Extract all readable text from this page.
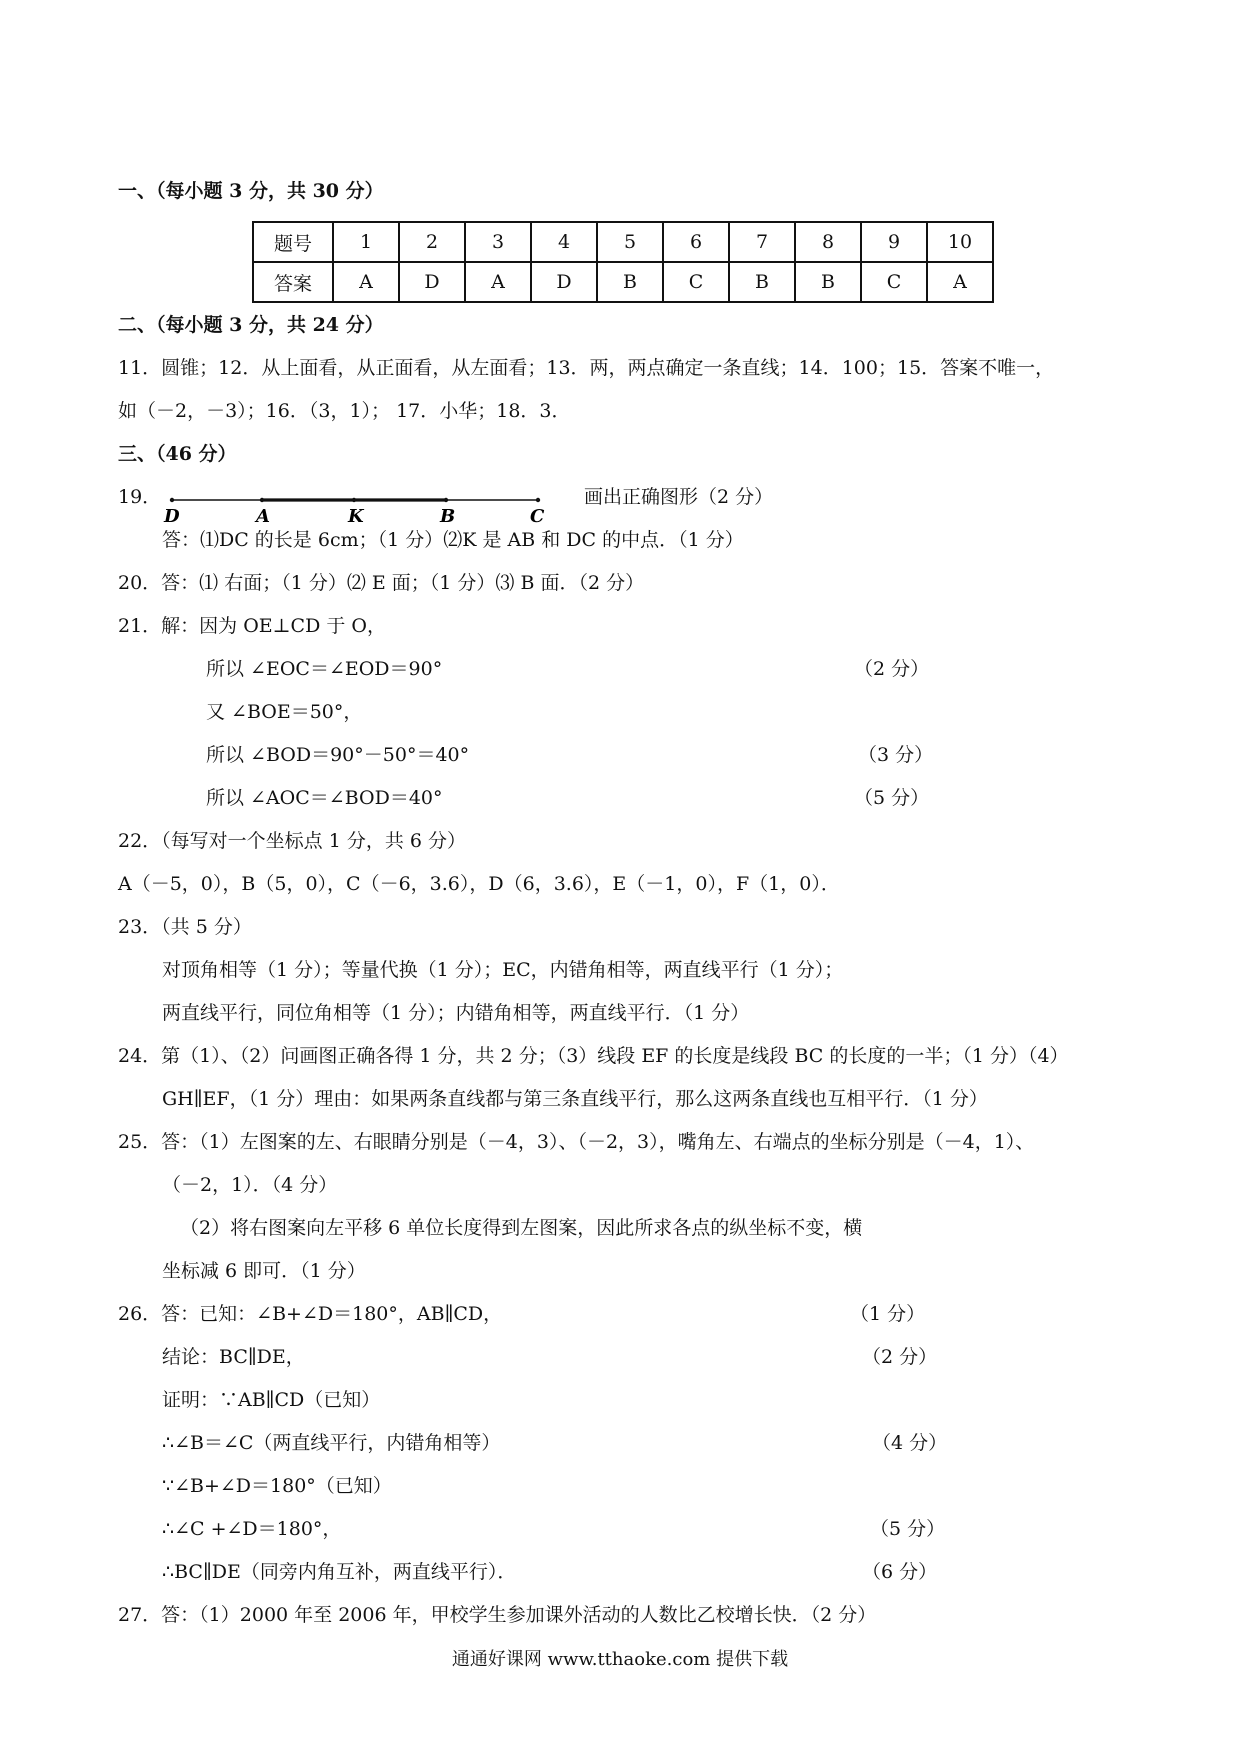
一、（每小题 3 分，共 30 分）
题号	1	2	3	4	5	6	7	8	9	10
答案	A	D	A	D	B	C	B	B	C	A
二、（每小题 3 分，共 24 分）
11．圆锥；12．从上面看，从正面看，从左面看；13．两，两点确定一条直线；14．100；15．答案不唯一，
如（－2，－3）；16．（3，1）； 17．小华；18．3．
三、（46 分）
19．
D	A	K	B	C
画出正确图形（2 分）
答：⑴DC 的长是 6cm；（1 分）⑵K 是 AB 和 DC 的中点．（1 分）
20．答：⑴ 右面；（1 分）⑵ E 面；（1 分）⑶ B 面．（2 分）
21．解：因为 OE⊥CD 于 O，
所以 ∠EOC＝∠EOD＝90°	（2 分）
又 ∠BOE＝50°，
所以 ∠BOD＝90°－50°＝40°	（3 分）
所以 ∠AOC＝∠BOD＝40°	（5 分）
22．（每写对一个坐标点 1 分，共 6 分）
A（－5，0），B（5，0），C（－6，3.6），D（6，3.6），E（－1，0），F（1，0）．
23．（共 5 分）
对顶角相等（1 分）；等量代换（1 分）；EC，内错角相等，两直线平行（1 分）；
两直线平行，同位角相等（1 分）；内错角相等，两直线平行．（1 分）
24．第（1）、（2）问画图正确各得 1 分，共 2 分；（3）线段 EF 的长度是线段 BC 的长度的一半；（1 分）（4）
GH∥EF，（1 分）理由：如果两条直线都与第三条直线平行，那么这两条直线也互相平行．（1 分）
25．答：（1）左图案的左、右眼睛分别是（－4，3）、（－2，3），嘴角左、右端点的坐标分别是（－4，1）、
（－2，1）．（4 分）
（2）将右图案向左平移 6 单位长度得到左图案，因此所求各点的纵坐标不变，横
坐标减 6 即可．（1 分）
26．答：已知：∠B+∠D＝180°，AB∥CD，	（1 分）
结论：BC∥DE，	（2 分）
证明：∵AB∥CD（已知）
∴∠B＝∠C（两直线平行，内错角相等）	（4 分）
∵∠B+∠D＝180°（已知）
∴∠C +∠D＝180°，	（5 分）
∴BC∥DE（同旁内角互补，两直线平行）．	（6 分）
27．答：（1）2000 年至 2006 年，甲校学生参加课外活动的人数比乙校增长快．（2 分）
通通好课网 www.tthaoke.com 提供下载
